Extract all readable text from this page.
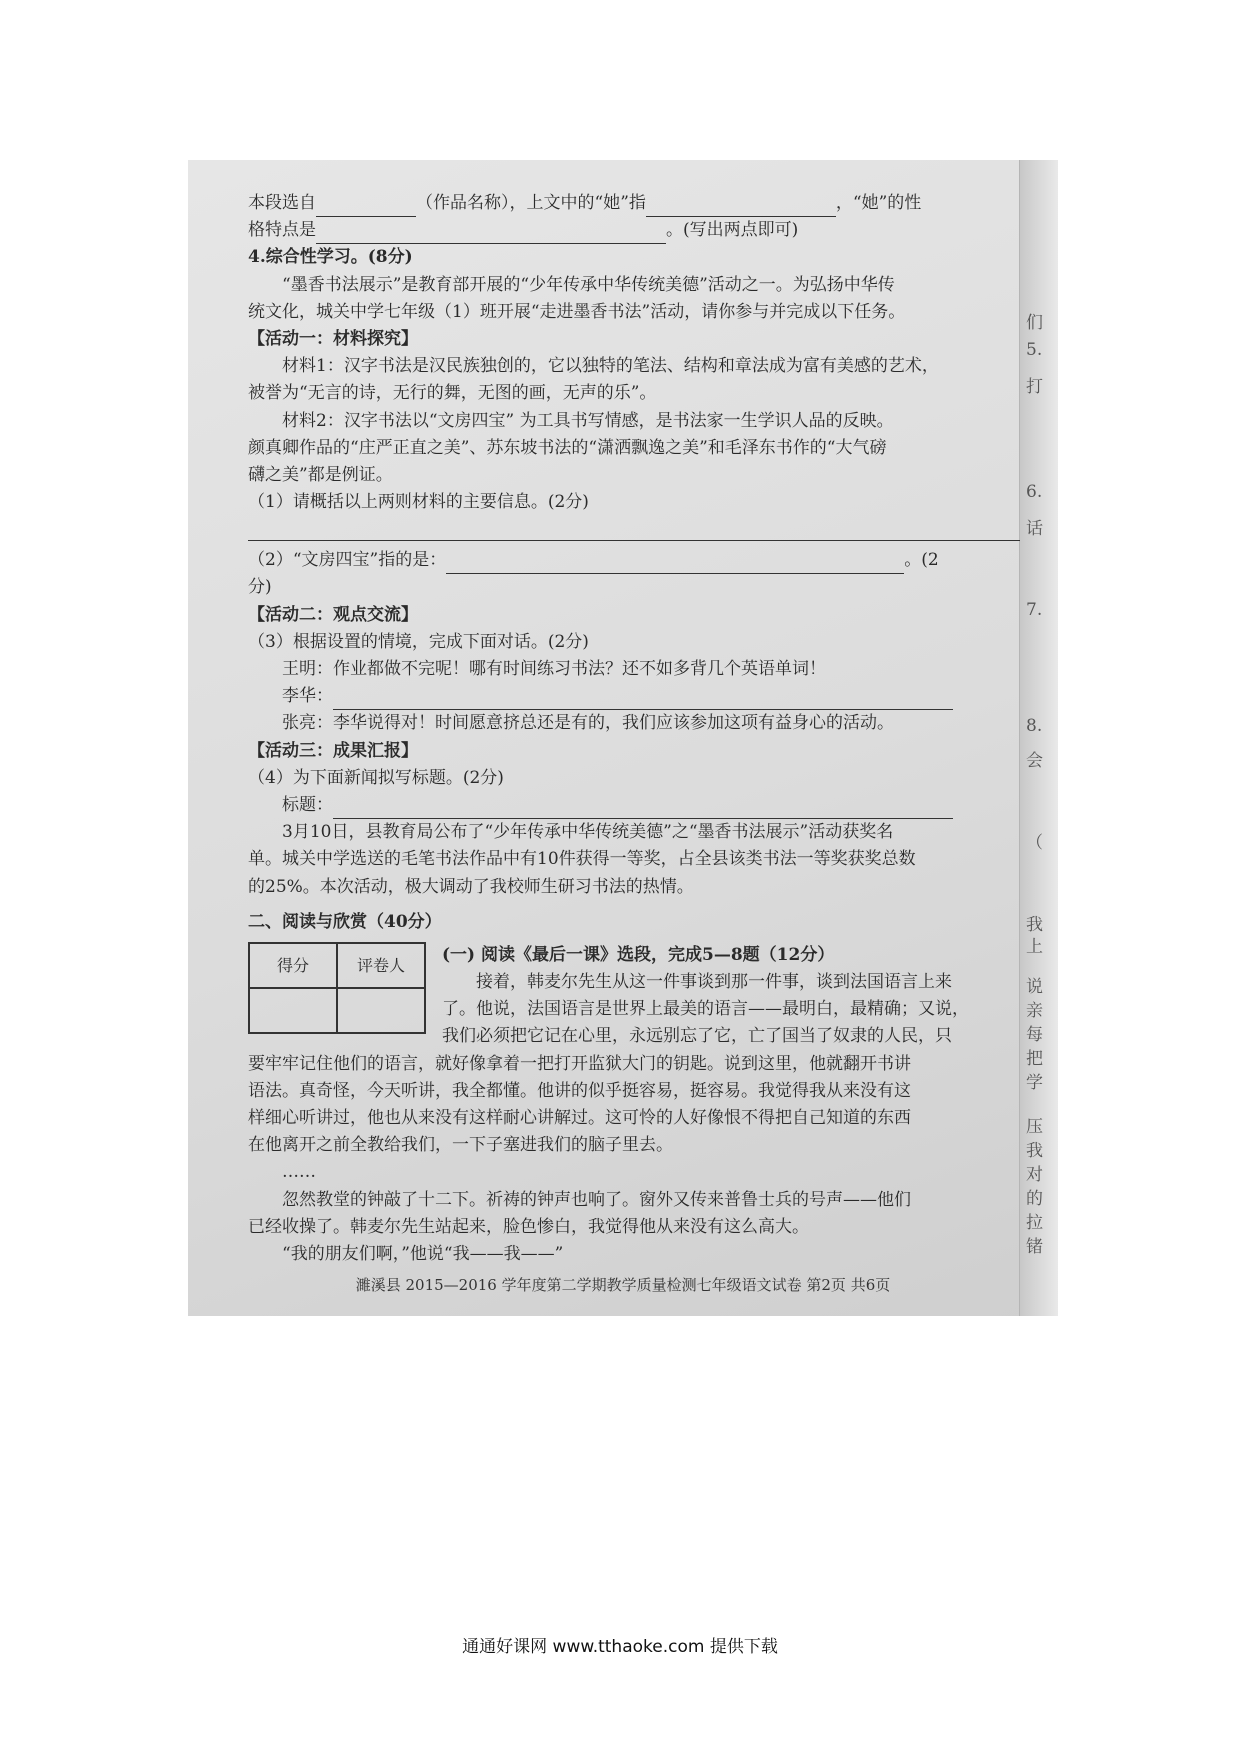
们
5.
打
6.
话
7.
8.
会
（
我
上
说
亲
每
把
学
压
我
对
的
拉
锗
本段选自	（作品名称），上文中的“她”指	，“她”的性
格特点是	。(写出两点即可)
4.综合性学习。(8分)
“墨香书法展示”是教育部开展的“少年传承中华传统美德”活动之一。为弘扬中华传
统文化，城关中学七年级（1）班开展“走进墨香书法”活动，请你参与并完成以下任务。
【活动一：材料探究】
材料1：汉字书法是汉民族独创的，它以独特的笔法、结构和章法成为富有美感的艺术，
被誉为“无言的诗，无行的舞，无图的画，无声的乐”。
材料2：汉字书法以“文房四宝” 为工具书写情感，是书法家一生学识人品的反映。
颜真卿作品的“庄严正直之美”、苏东坡书法的“潇洒飘逸之美”和毛泽东书作的“大气磅
礴之美”都是例证。
（1）请概括以上两则材料的主要信息。(2分)
（2）“文房四宝”指的是：	。(2
分)
【活动二：观点交流】
（3）根据设置的情境，完成下面对话。(2分)
王明：作业都做不完呢！哪有时间练习书法？还不如多背几个英语单词！
李华：
张亮：李华说得对！时间愿意挤总还是有的，我们应该参加这项有益身心的活动。
【活动三：成果汇报】
（4）为下面新闻拟写标题。(2分)
标题：
3月10日，县教育局公布了“少年传承中华传统美德”之“墨香书法展示”活动获奖名
单。城关中学选送的毛笔书法作品中有10件获得一等奖，占全县该类书法一等奖获奖总数
的25%。本次活动，极大调动了我校师生研习书法的热情。
二、阅读与欣赏（40分）
得分	评卷人
(一) 阅读《最后一课》选段，完成5—8题（12分）
接着，韩麦尔先生从这一件事谈到那一件事，谈到法国语言上来
了。他说，法国语言是世界上最美的语言——最明白，最精确；又说，
我们必须把它记在心里，永远别忘了它，亡了国当了奴隶的人民，只
要牢牢记住他们的语言，就好像拿着一把打开监狱大门的钥匙。说到这里，他就翻开书讲
语法。真奇怪，今天听讲，我全都懂。他讲的似乎挺容易，挺容易。我觉得我从来没有这
样细心听讲过，他也从来没有这样耐心讲解过。这可怜的人好像恨不得把自己知道的东西
在他离开之前全教给我们，一下子塞进我们的脑子里去。
……
忽然教堂的钟敲了十二下。祈祷的钟声也响了。窗外又传来普鲁士兵的号声——他们
已经收操了。韩麦尔先生站起来，脸色惨白，我觉得他从来没有这么高大。
“我的朋友们啊，”他说“我——我——”
濉溪县 2015—2016 学年度第二学期教学质量检测七年级语文试卷 第2页 共6页
通通好课网 www.tthaoke.com 提供下载
